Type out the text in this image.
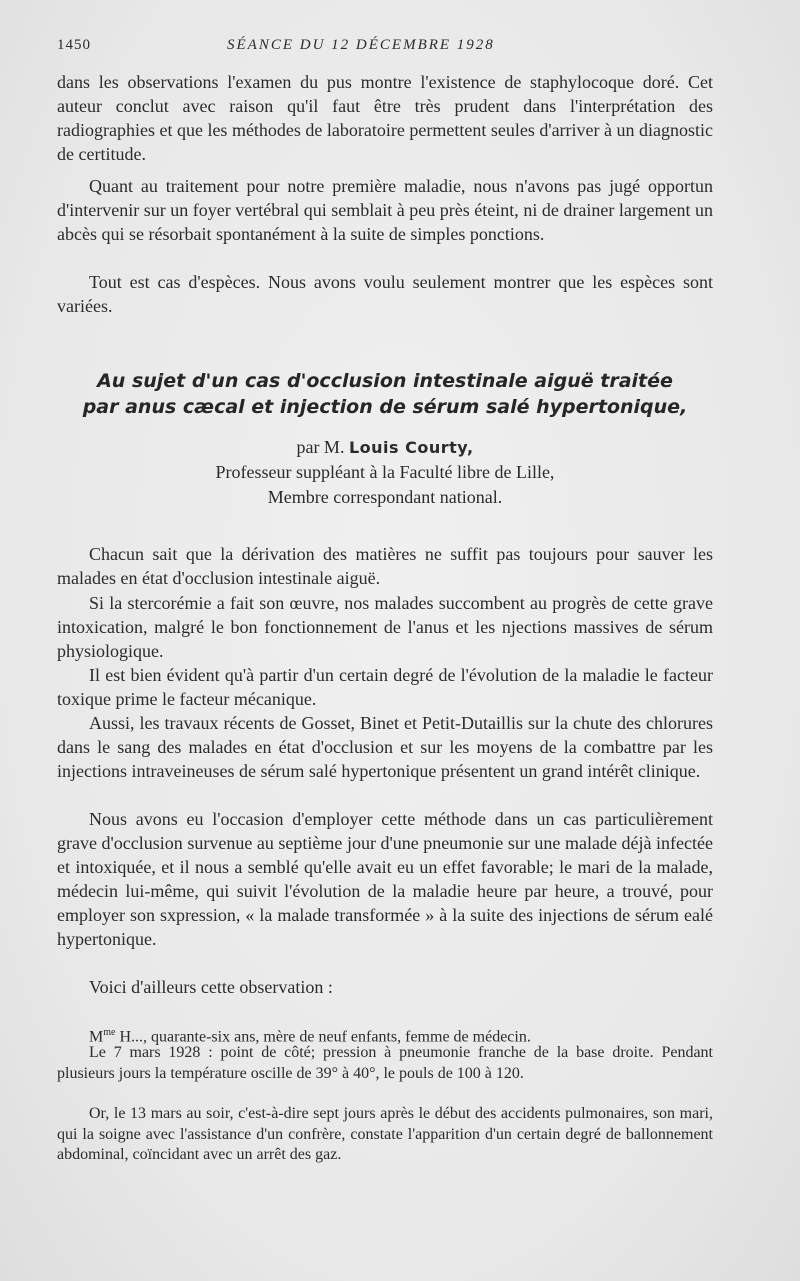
1450	SÉANCE DU 12 DÉCEMBRE 1928

dans les observations l'examen du pus montre l'existence de staphylocoque doré. Cet auteur conclut avec raison qu'il faut être très prudent dans l'interprétation des radiographies et que les méthodes de laboratoire permettent seules d'arriver à un diagnostic de certitude.

Quant au traitement pour notre première maladie, nous n'avons pas jugé opportun d'intervenir sur un foyer vertébral qui semblait à peu près éteint, ni de drainer largement un abcès qui se résorbait spontanément à la suite de simples ponctions.

Tout est cas d'espèces. Nous avons voulu seulement montrer que les espèces sont variées.

Au sujet d'un cas d'occlusion intestinale aiguë traitée

par anus cæcal et injection de sérum salé hypertonique,

par M. Louis Courty,

Professeur suppléant à la Faculté libre de Lille,

Membre correspondant national.

Chacun sait que la dérivation des matières ne suffit pas toujours pour sauver les malades en état d'occlusion intestinale aiguë.

Si la stercorémie a fait son œuvre, nos malades succombent au progrès de cette grave intoxication, malgré le bon fonctionnement de l'anus et les njections massives de sérum physiologique.

Il est bien évident qu'à partir d'un certain degré de l'évolution de la maladie le facteur toxique prime le facteur mécanique.

Aussi, les travaux récents de Gosset, Binet et Petit-Dutaillis sur la chute des chlorures dans le sang des malades en état d'occlusion et sur les moyens de la combattre par les injections intraveineuses de sérum salé hypertonique présentent un grand intérêt clinique.

Nous avons eu l'occasion d'employer cette méthode dans un cas particulièrement grave d'occlusion survenue au septième jour d'une pneumonie sur une malade déjà infectée et intoxiquée, et il nous a semblé qu'elle avait eu un effet favorable; le mari de la malade, médecin lui-même, qui suivit l'évolution de la maladie heure par heure, a trouvé, pour employer son sxpression, « la malade transformée » à la suite des injections de sérum ealé hypertonique.

Voici d'ailleurs cette observation :

$M^{me}$ H..., quarante-six ans, mère de neuf enfants, femme de médecin.

Le 7 mars 1928 : point de côté; pression à pneumonie franche de la base droite. Pendant plusieurs jours la température oscille de 39° à 40°, le pouls de 100 à 120.

Or, le 13 mars au soir, c'est-à-dire sept jours après le début des accidents pulmonaires, son mari, qui la soigne avec l'assistance d'un confrère, constate l'apparition d'un certain degré de ballonnement abdominal, coïncidant avec un arrêt des gaz.
